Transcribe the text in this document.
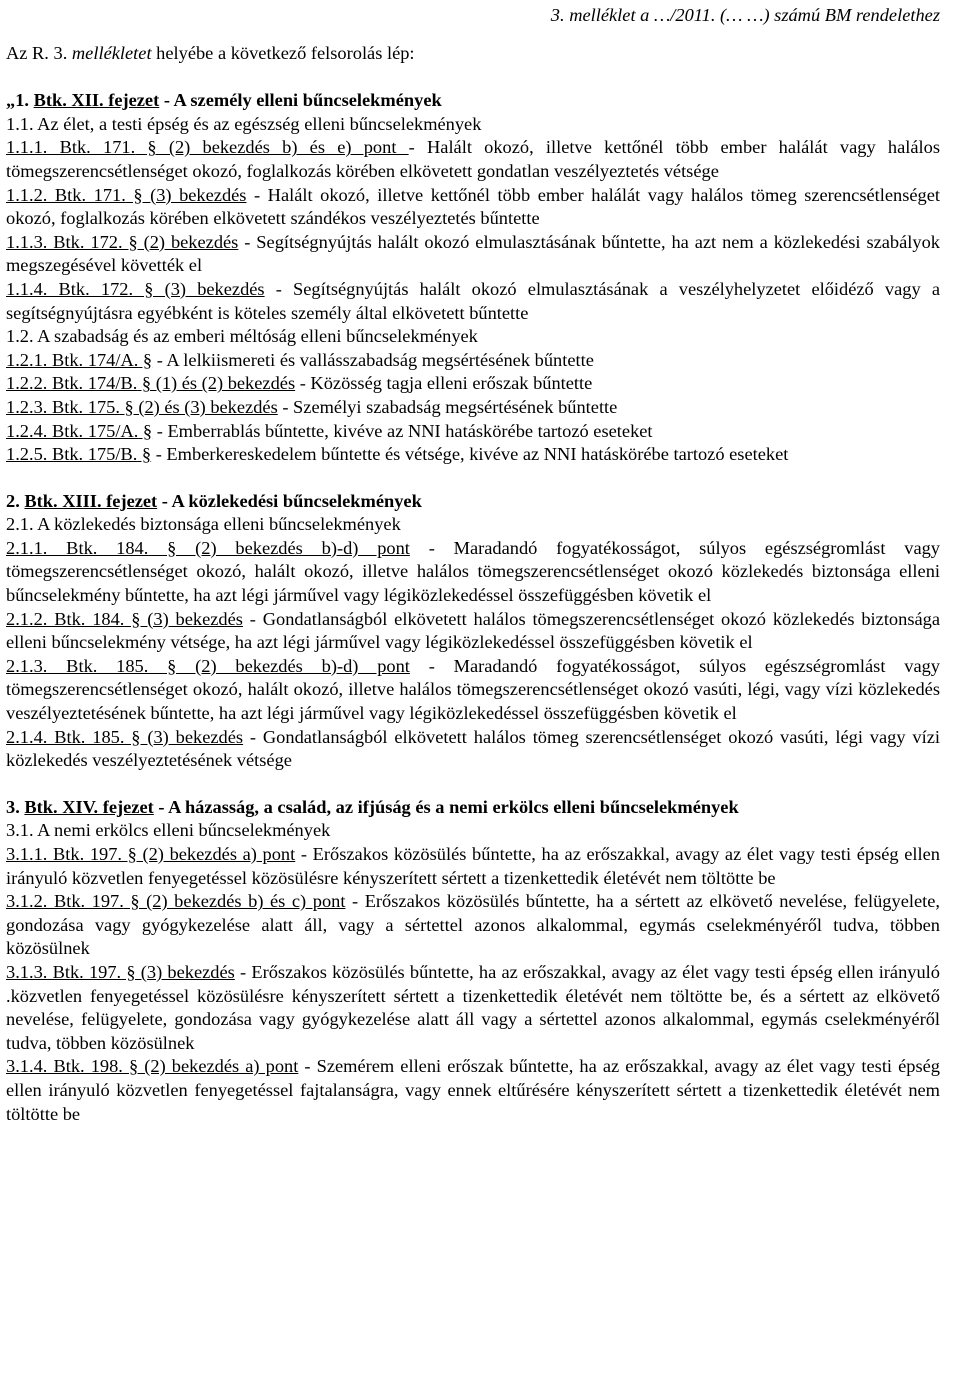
3. melléklet a …/2011. (… …) számú BM rendelethez

Az R. 3. mellékletet helyébe a következő felsorolás lép:

„1. Btk. XII. fejezet - A személy elleni bűncselekmények

1.1. Az élet, a testi épség és az egészség elleni bűncselekmények

1.1.1. Btk. 171. § (2) bekezdés b) és e) pont - Halált okozó, illetve kettőnél több ember halálát vagy halálos tömegszerencsétlenséget okozó, foglalkozás körében elkövetett gondatlan veszélyeztetés vétsége

1.1.2. Btk. 171. § (3) bekezdés - Halált okozó, illetve kettőnél több ember halálát vagy halálos tömeg szerencsétlenséget okozó, foglalkozás körében elkövetett szándékos veszélyeztetés bűntette

1.1.3. Btk. 172. § (2) bekezdés - Segítségnyújtás halált okozó elmulasztásának bűntette, ha azt nem a közlekedési szabályok megszegésével követték el

1.1.4. Btk. 172. § (3) bekezdés - Segítségnyújtás halált okozó elmulasztásának a veszélyhelyzetet előidéző vagy a segítségnyújtásra egyébként is köteles személy által elkövetett bűntette

1.2. A szabadság és az emberi méltóság elleni bűncselekmények

1.2.1. Btk. 174/A. § - A lelkiismereti és vallásszabadság megsértésének bűntette

1.2.2. Btk. 174/B. § (1) és (2) bekezdés - Közösség tagja elleni erőszak bűntette

1.2.3. Btk. 175. § (2) és (3) bekezdés - Személyi szabadság megsértésének bűntette

1.2.4. Btk. 175/A. § - Emberrablás bűntette, kivéve az NNI hatáskörébe tartozó eseteket

1.2.5. Btk. 175/B. § - Emberkereskedelem bűntette és vétsége, kivéve az NNI hatáskörébe tartozó eseteket

2. Btk. XIII. fejezet - A közlekedési bűncselekmények

2.1. A közlekedés biztonsága elleni bűncselekmények

2.1.1. Btk. 184. § (2) bekezdés b)-d) pont - Maradandó fogyatékosságot, súlyos egészségromlást vagy tömegszerencsétlenséget okozó, halált okozó, illetve halálos tömegszerencsétlenséget okozó közlekedés biztonsága elleni bűncselekmény bűntette, ha azt légi járművel vagy légiközlekedéssel összefüggésben követik el

2.1.2. Btk. 184. § (3) bekezdés - Gondatlanságból elkövetett halálos tömegszerencsétlenséget okozó közlekedés biztonsága elleni bűncselekmény vétsége, ha azt légi járművel vagy légiközlekedéssel összefüggésben követik el

2.1.3. Btk. 185. § (2) bekezdés b)-d) pont - Maradandó fogyatékosságot, súlyos egészségromlást vagy tömegszerencsétlenséget okozó, halált okozó, illetve halálos tömegszerencsétlenséget okozó vasúti, légi, vagy vízi közlekedés veszélyeztetésének bűntette, ha azt légi járművel vagy légiközlekedéssel összefüggésben követik el

2.1.4. Btk. 185. § (3) bekezdés - Gondatlanságból elkövetett halálos tömeg szerencsétlenséget okozó vasúti, légi vagy vízi közlekedés veszélyeztetésének vétsége

3. Btk. XIV. fejezet - A házasság, a család, az ifjúság és a nemi erkölcs elleni bűncselekmények

3.1. A nemi erkölcs elleni bűncselekmények

3.1.1. Btk. 197. § (2) bekezdés a) pont - Erőszakos közösülés bűntette, ha az erőszakkal, avagy az élet vagy testi épség ellen irányuló közvetlen fenyegetéssel közösülésre kényszerített sértett a tizenkettedik életévét nem töltötte be

3.1.2. Btk. 197. § (2) bekezdés b) és c) pont - Erőszakos közösülés bűntette, ha a sértett az elkövető nevelése, felügyelete, gondozása vagy gyógykezelése alatt áll, vagy a sértettel azonos alkalommal, egymás cselekményéről tudva, többen közösülnek

3.1.3. Btk. 197. § (3) bekezdés - Erőszakos közösülés bűntette, ha az erőszakkal, avagy az élet vagy testi épség ellen irányuló .közvetlen fenyegetéssel közösülésre kényszerített sértett a tizenkettedik életévét nem töltötte be, és a sértett az elkövető nevelése, felügyelete, gondozása vagy gyógykezelése alatt áll vagy a sértettel azonos alkalommal, egymás cselekményéről tudva, többen közösülnek

3.1.4. Btk. 198. § (2) bekezdés a) pont - Szemérem elleni erőszak bűntette, ha az erőszakkal, avagy az élet vagy testi épség ellen irányuló közvetlen fenyegetéssel fajtalanságra, vagy ennek eltűrésére kényszerített sértett a tizenkettedik életévét nem töltötte be
